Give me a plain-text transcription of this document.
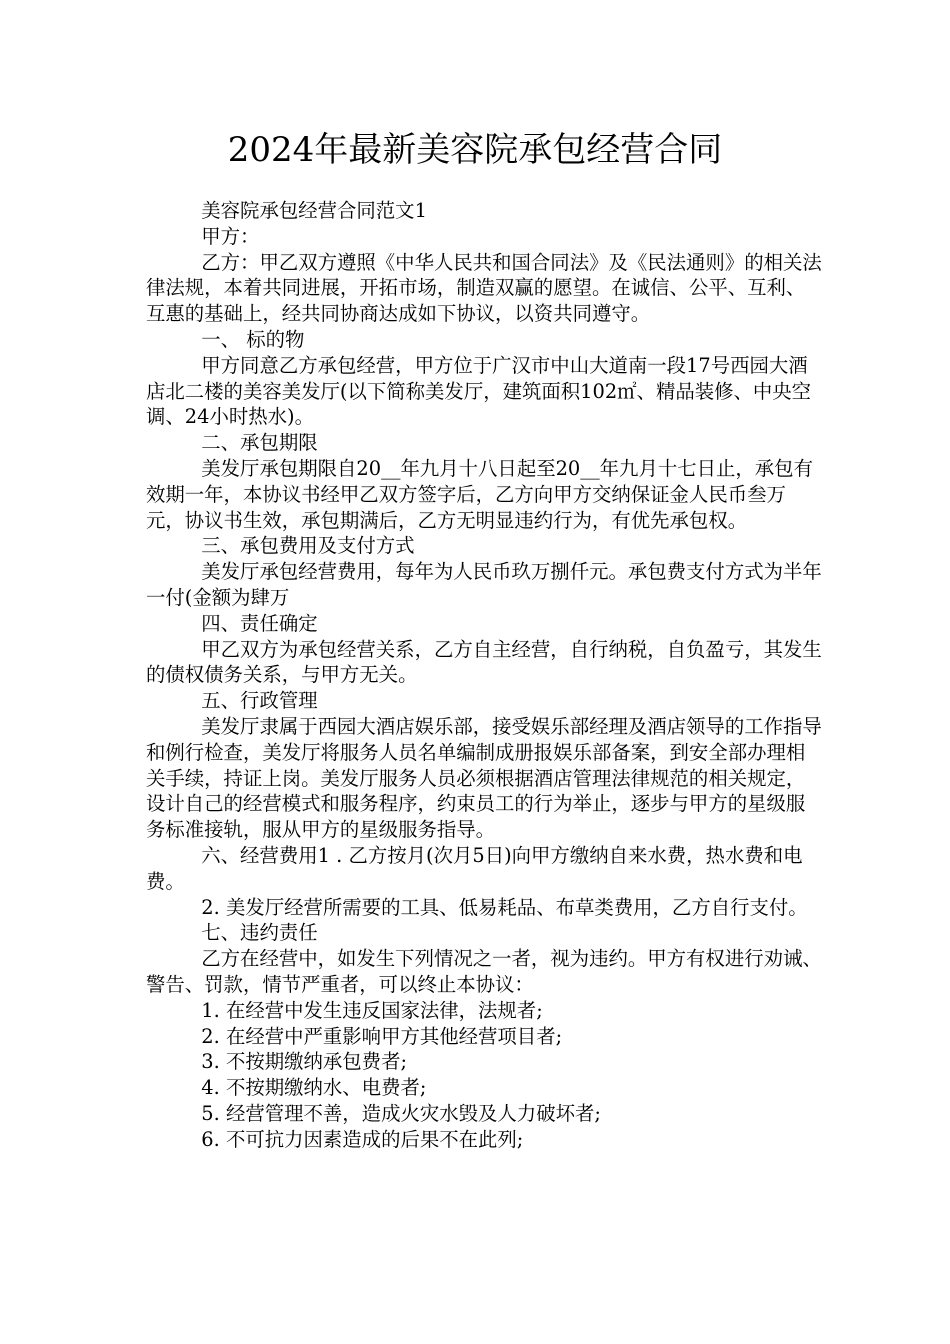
2024年最新美容院承包经营合同

美容院承包经营合同范文1

甲方：

乙方：甲乙双方遵照《中华人民共和国合同法》及《民法通则》的相关法律法规，本着共同进展，开拓市场，制造双赢的愿望。在诚信、公平、互利、互惠的基础上，经共同协商达成如下协议，以资共同遵守。

一、 标的物

甲方同意乙方承包经营，甲方位于广汉市中山大道南一段17号西园大酒店北二楼的美容美发厅(以下简称美发厅，建筑面积102㎡、精品装修、中央空调、24小时热水)。

二、承包期限

美发厅承包期限自20__年九月十八日起至20__年九月十七日止，承包有效期一年，本协议书经甲乙双方签字后，乙方向甲方交纳保证金人民币叁万元，协议书生效，承包期满后，乙方无明显违约行为，有优先承包权。

三、承包费用及支付方式

美发厅承包经营费用，每年为人民币玖万捌仟元。承包费支付方式为半年一付(金额为肆万

四、责任确定

甲乙双方为承包经营关系，乙方自主经营，自行纳税，自负盈亏，其发生的债权债务关系，与甲方无关。

五、行政管理

美发厅隶属于西园大酒店娱乐部，接受娱乐部经理及酒店领导的工作指导和例行检查，美发厅将服务人员名单编制成册报娱乐部备案，到安全部办理相关手续，持证上岗。美发厅服务人员必须根据酒店管理法律规范的相关规定，设计自己的经营模式和服务程序，约束员工的行为举止，逐步与甲方的星级服务标准接轨，服从甲方的星级服务指导。

六、经营费用1 . 乙方按月(次月5日)向甲方缴纳自来水费，热水费和电费。

2. 美发厅经营所需要的工具、低易耗品、布草类费用，乙方自行支付。

七、违约责任

乙方在经营中，如发生下列情况之一者，视为违约。甲方有权进行劝诫、警告、罚款，情节严重者，可以终止本协议：

1. 在经营中发生违反国家法律，法规者;

2. 在经营中严重影响甲方其他经营项目者;

3. 不按期缴纳承包费者;

4. 不按期缴纳水、电费者;

5. 经营管理不善，造成火灾水毁及人力破坏者;

6. 不可抗力因素造成的后果不在此列;
